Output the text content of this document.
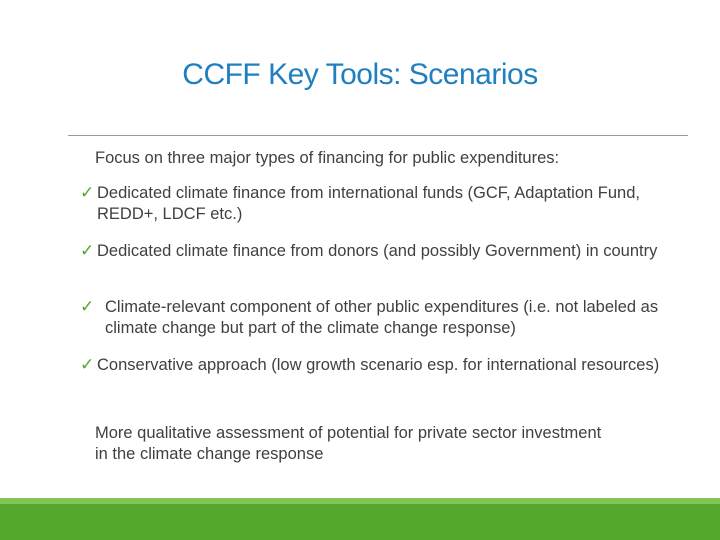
CCFF Key Tools: Scenarios
Focus on three major types of financing for public expenditures:
✓ Dedicated climate finance from international funds (GCF, Adaptation Fund, REDD+, LDCF etc.)
✓ Dedicated climate finance from donors (and possibly Government) in country
✓ Climate-relevant component of other public expenditures (i.e. not labeled as climate change but part of the climate change response)
✓ Conservative approach (low growth scenario esp. for international resources)
More qualitative assessment of potential for private sector investment in the climate change response
